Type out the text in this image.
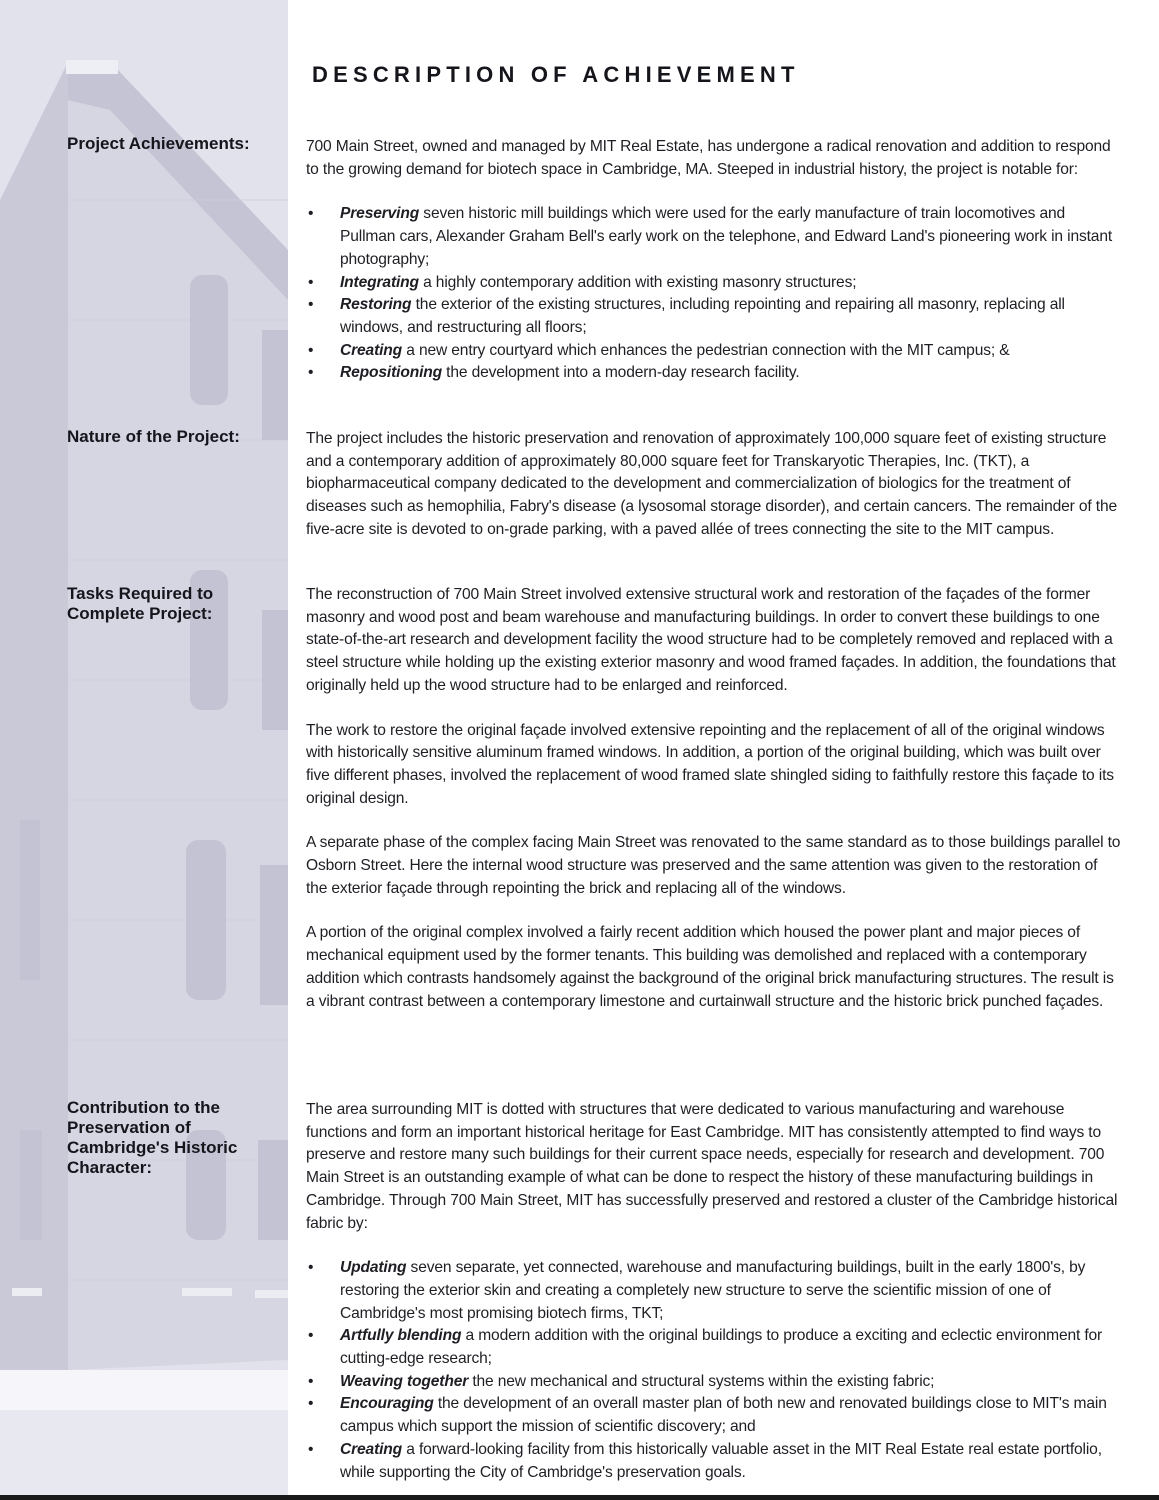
DESCRIPTION OF ACHIEVEMENT
Project Achievements:
Nature of the Project:
Tasks Required to Complete Project:
Contribution to the Preservation of Cambridge's Historic Character:

700 Main Street, owned and managed by MIT Real Estate, has undergone a radical renovation and addition to respond to the growing demand for biotech space in Cambridge, MA. Steeped in industrial history, the project is notable for:

• Preserving seven historic mill buildings which were used for the early manufacture of train locomotives and Pullman cars, Alexander Graham Bell's early work on the telephone, and Edward Land's pioneering work in instant photography;
• Integrating a highly contemporary addition with existing masonry structures;
• Restoring the exterior of the existing structures, including repointing and repairing all masonry, replacing all windows, and restructuring all floors;
• Creating a new entry courtyard which enhances the pedestrian connection with the MIT campus; &
• Repositioning the development into a modern-day research facility.

The project includes the historic preservation and renovation of approximately 100,000 square feet of existing structure and a contemporary addition of approximately 80,000 square feet for Transkaryotic Therapies, Inc. (TKT), a biopharmaceutical company dedicated to the development and commercialization of biologics for the treatment of diseases such as hemophilia, Fabry's disease (a lysosomal storage disorder), and certain cancers. The remainder of the five-acre site is devoted to on-grade parking, with a paved allée of trees connecting the site to the MIT campus.

The reconstruction of 700 Main Street involved extensive structural work and restoration of the façades of the former masonry and wood post and beam warehouse and manufacturing buildings. In order to convert these buildings to one state-of-the-art research and development facility the wood structure had to be completely removed and replaced with a steel structure while holding up the existing exterior masonry and wood framed façades. In addition, the foundations that originally held up the wood structure had to be enlarged and reinforced.

The work to restore the original façade involved extensive repointing and the replacement of all of the original windows with historically sensitive aluminum framed windows. In addition, a portion of the original building, which was built over five different phases, involved the replacement of wood framed slate shingled siding to faithfully restore this façade to its original design.

A separate phase of the complex facing Main Street was renovated to the same standard as to those buildings parallel to Osborn Street. Here the internal wood structure was preserved and the same attention was given to the restoration of the exterior façade through repointing the brick and replacing all of the windows.

A portion of the original complex involved a fairly recent addition which housed the power plant and major pieces of mechanical equipment used by the former tenants. This building was demolished and replaced with a contemporary addition which contrasts handsomely against the background of the original brick manufacturing structures. The result is a vibrant contrast between a contemporary limestone and curtainwall structure and the historic brick punched façades.

The area surrounding MIT is dotted with structures that were dedicated to various manufacturing and warehouse functions and form an important historical heritage for East Cambridge. MIT has consistently attempted to find ways to preserve and restore many such buildings for their current space needs, especially for research and development. 700 Main Street is an outstanding example of what can be done to respect the history of these manufacturing buildings in Cambridge. Through 700 Main Street, MIT has successfully preserved and restored a cluster of the Cambridge historical fabric by:

• Updating seven separate, yet connected, warehouse and manufacturing buildings, built in the early 1800's, by restoring the exterior skin and creating a completely new structure to serve the scientific mission of one of Cambridge's most promising biotech firms, TKT;
• Artfully blending a modern addition with the original buildings to produce a exciting and eclectic environment for cutting-edge research;
• Weaving together the new mechanical and structural systems within the existing fabric;
• Encouraging the development of an overall master plan of both new and renovated buildings close to MIT's main campus which support the mission of scientific discovery; and
• Creating a forward-looking facility from this historically valuable asset in the MIT Real Estate real estate portfolio, while supporting the City of Cambridge's preservation goals.
